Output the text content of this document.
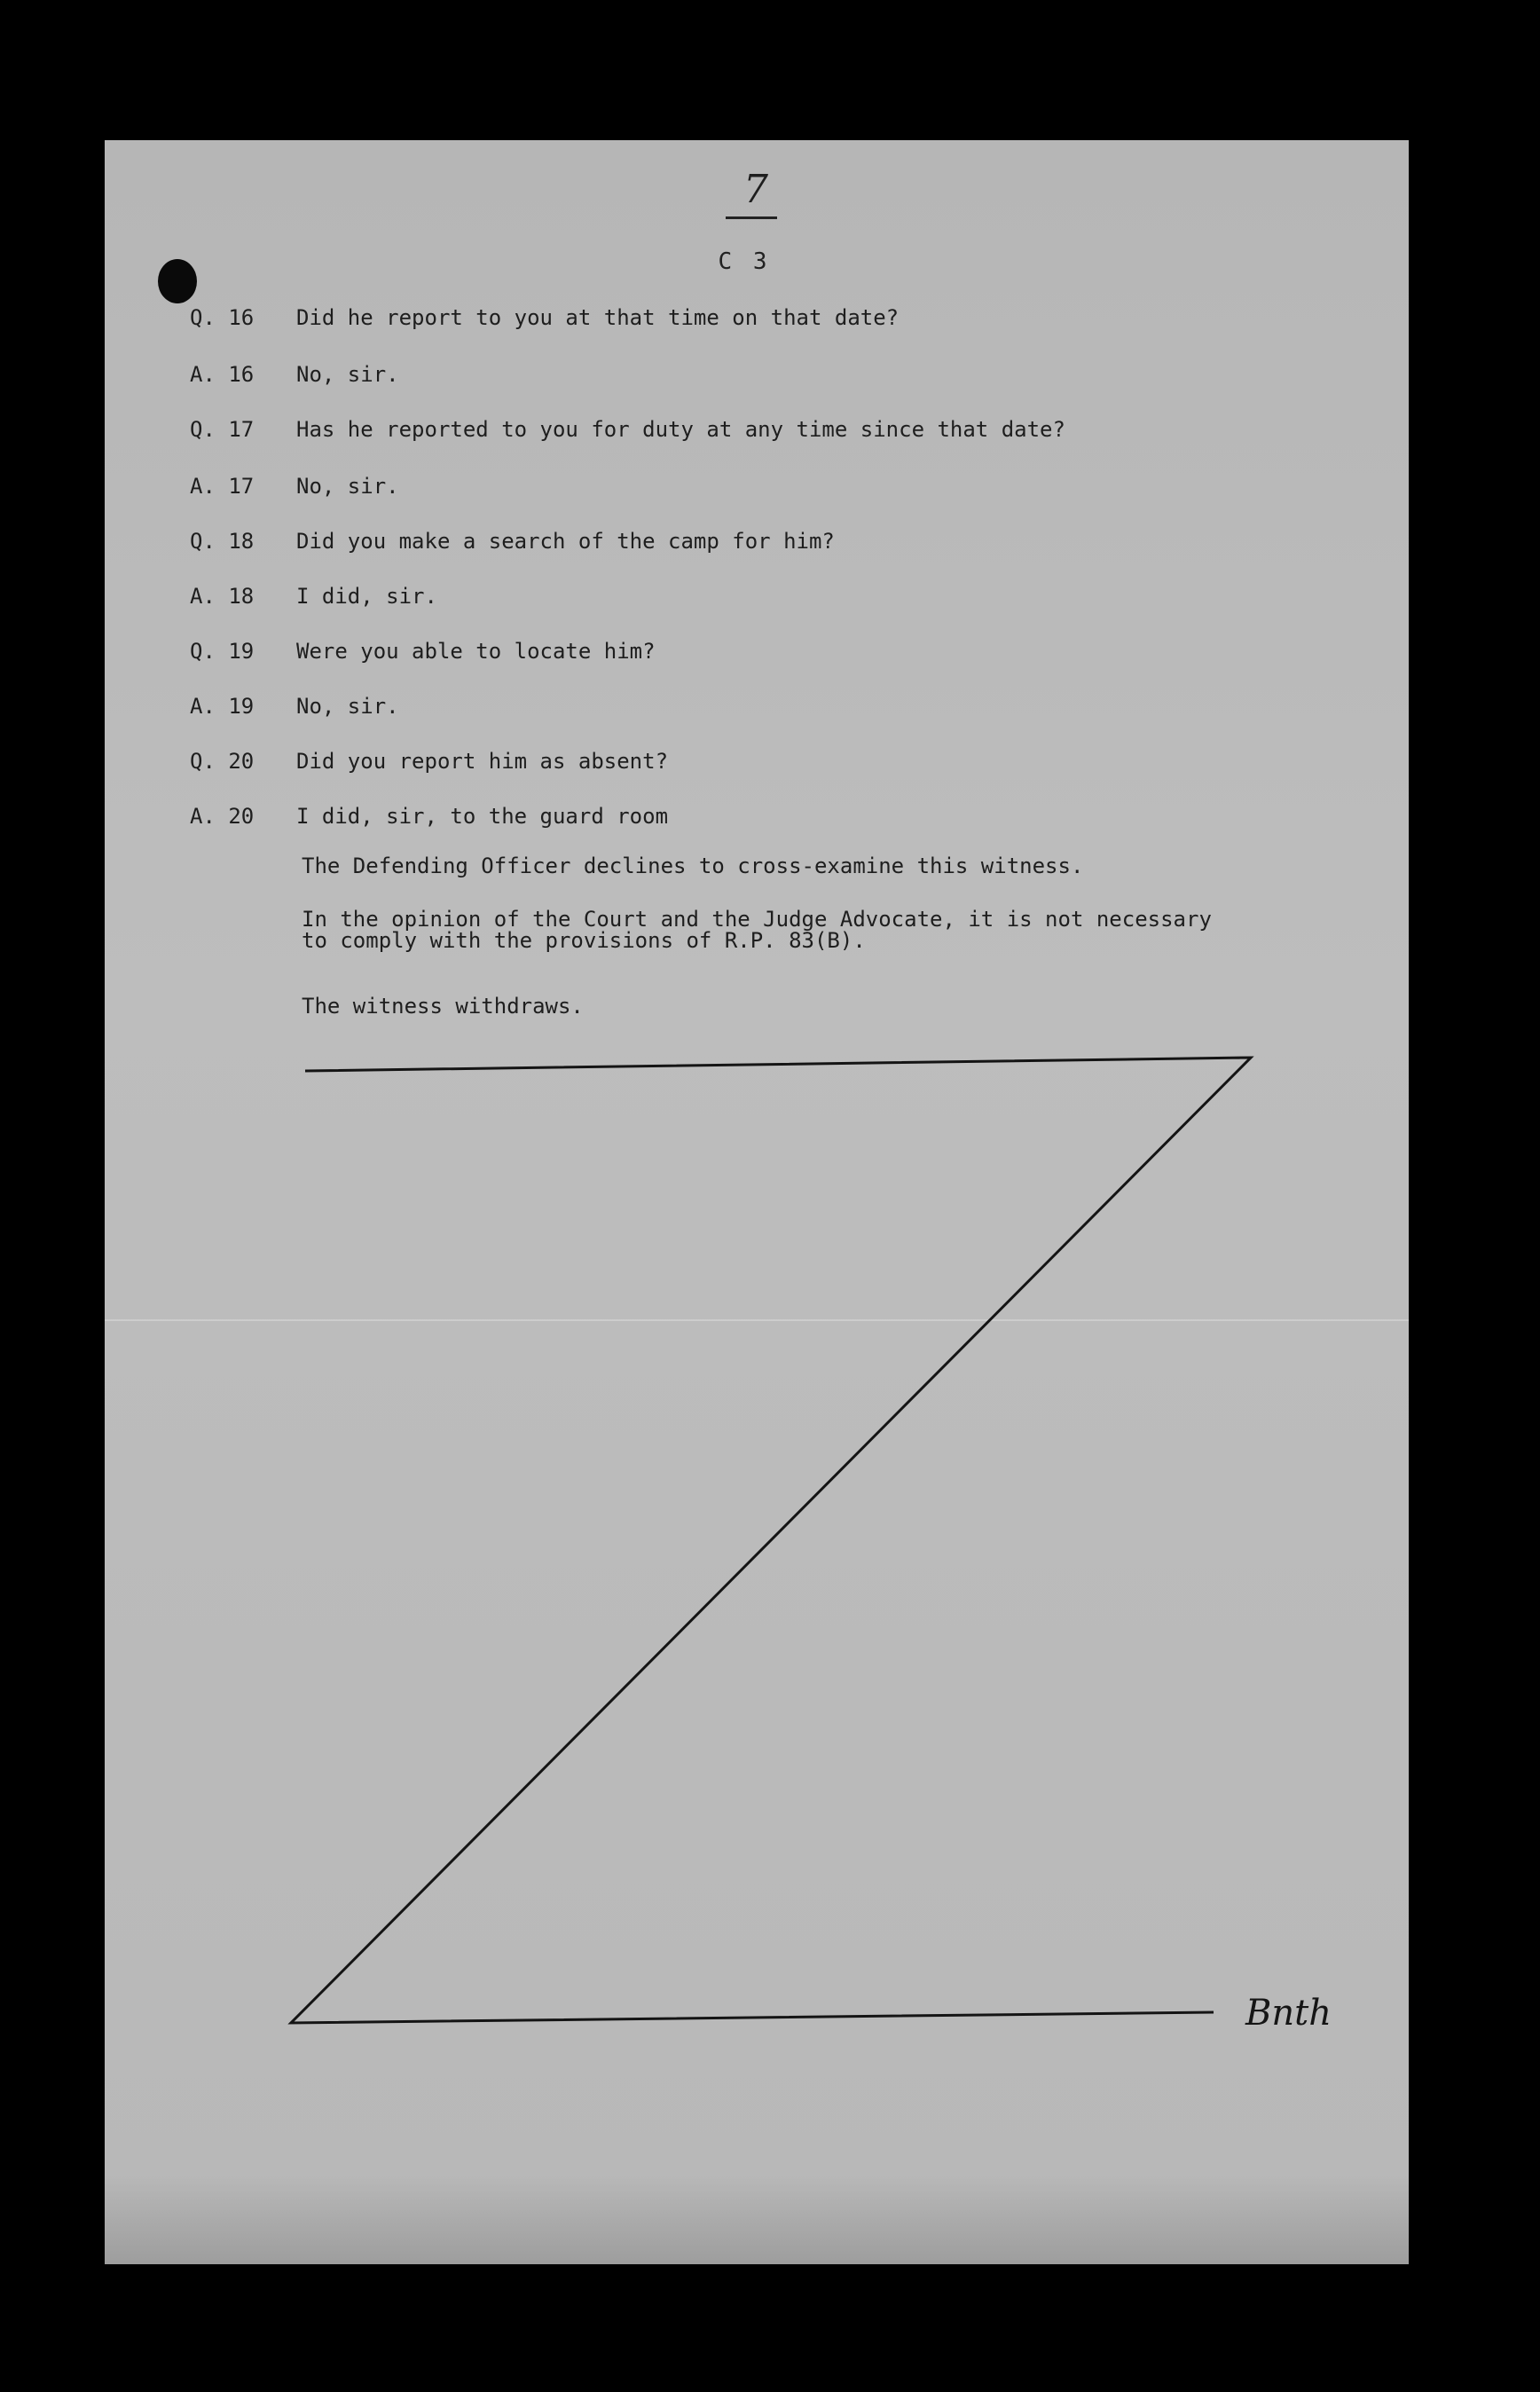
7
C 3
Q. 16	Did he report to you at that time on that date?
A. 16	No, sir.
Q. 17	Has he reported to you for duty at any time since that date?
A. 17	No, sir.
Q. 18	Did you make a search of the camp for him?
A. 18	I did, sir.
Q. 19	Were you able to locate him?
A. 19	No, sir.
Q. 20	Did you report him as absent?
A. 20	I did, sir, to the guard room
The Defending Officer declines to cross-examine this witness.
In the opinion of the Court and the Judge Advocate, it is not necessary
to comply with the provisions of R.P. 83(B).
The witness withdraws.
Bnth
